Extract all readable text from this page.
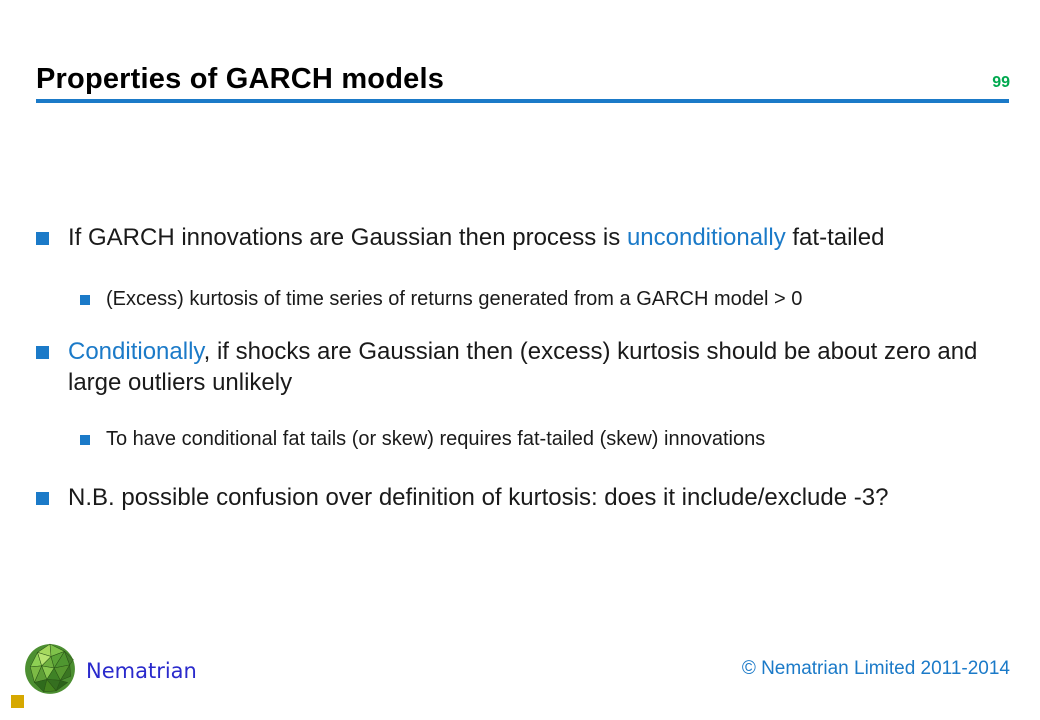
Properties of GARCH models	99

If GARCH innovations are Gaussian then process is unconditionally fat-tailed

(Excess) kurtosis of time series of returns generated from a GARCH model > 0

Conditionally, if shocks are Gaussian then (excess) kurtosis should be about zero and large outliers unlikely

To have conditional fat tails (or skew) requires fat-tailed (skew) innovations

N.B. possible confusion over definition of kurtosis: does it include/exclude -3?

Nematrian	© Nematrian Limited 2011-2014
